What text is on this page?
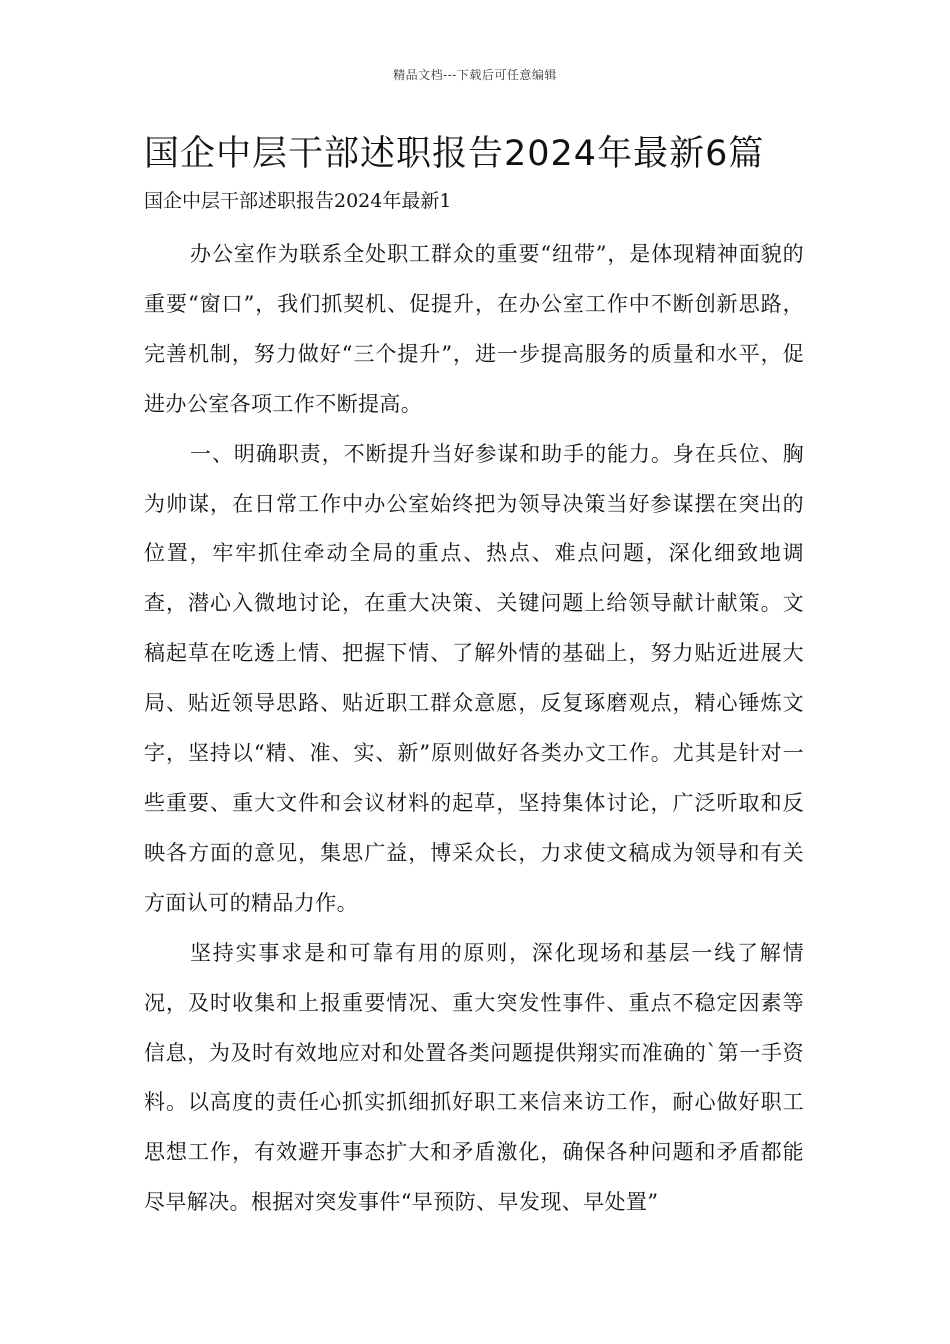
精品文档---下载后可任意编辑
国企中层干部述职报告2024年最新6篇
国企中层干部述职报告2024年最新1

办公室作为联系全处职工群众的重要“纽带”，是体现精神面貌的重要“窗口”，我们抓契机、促提升，在办公室工作中不断创新思路，完善机制，努力做好“三个提升”，进一步提高服务的质量和水平，促进办公室各项工作不断提高。

一、明确职责，不断提升当好参谋和助手的能力。身在兵位、胸为帅谋，在日常工作中办公室始终把为领导决策当好参谋摆在突出的位置，牢牢抓住牵动全局的重点、热点、难点问题，深化细致地调查，潜心入微地讨论，在重大决策、关键问题上给领导献计献策。文稿起草在吃透上情、把握下情、了解外情的基础上，努力贴近进展大局、贴近领导思路、贴近职工群众意愿，反复琢磨观点，精心锤炼文字，坚持以“精、准、实、新”原则做好各类办文工作。尤其是针对一些重要、重大文件和会议材料的起草，坚持集体讨论，广泛听取和反映各方面的意见，集思广益，博采众长，力求使文稿成为领导和有关方面认可的精品力作。

坚持实事求是和可靠有用的原则，深化现场和基层一线了解情况，及时收集和上报重要情况、重大突发性事件、重点不稳定因素等信息，为及时有效地应对和处置各类问题提供翔实而准确的`第一手资料。以高度的责任心抓实抓细抓好职工来信来访工作，耐心做好职工思想工作，有效避开事态扩大和矛盾激化，确保各种问题和矛盾都能尽早解决。根据对突发事件“早预防、早发现、早处置”
